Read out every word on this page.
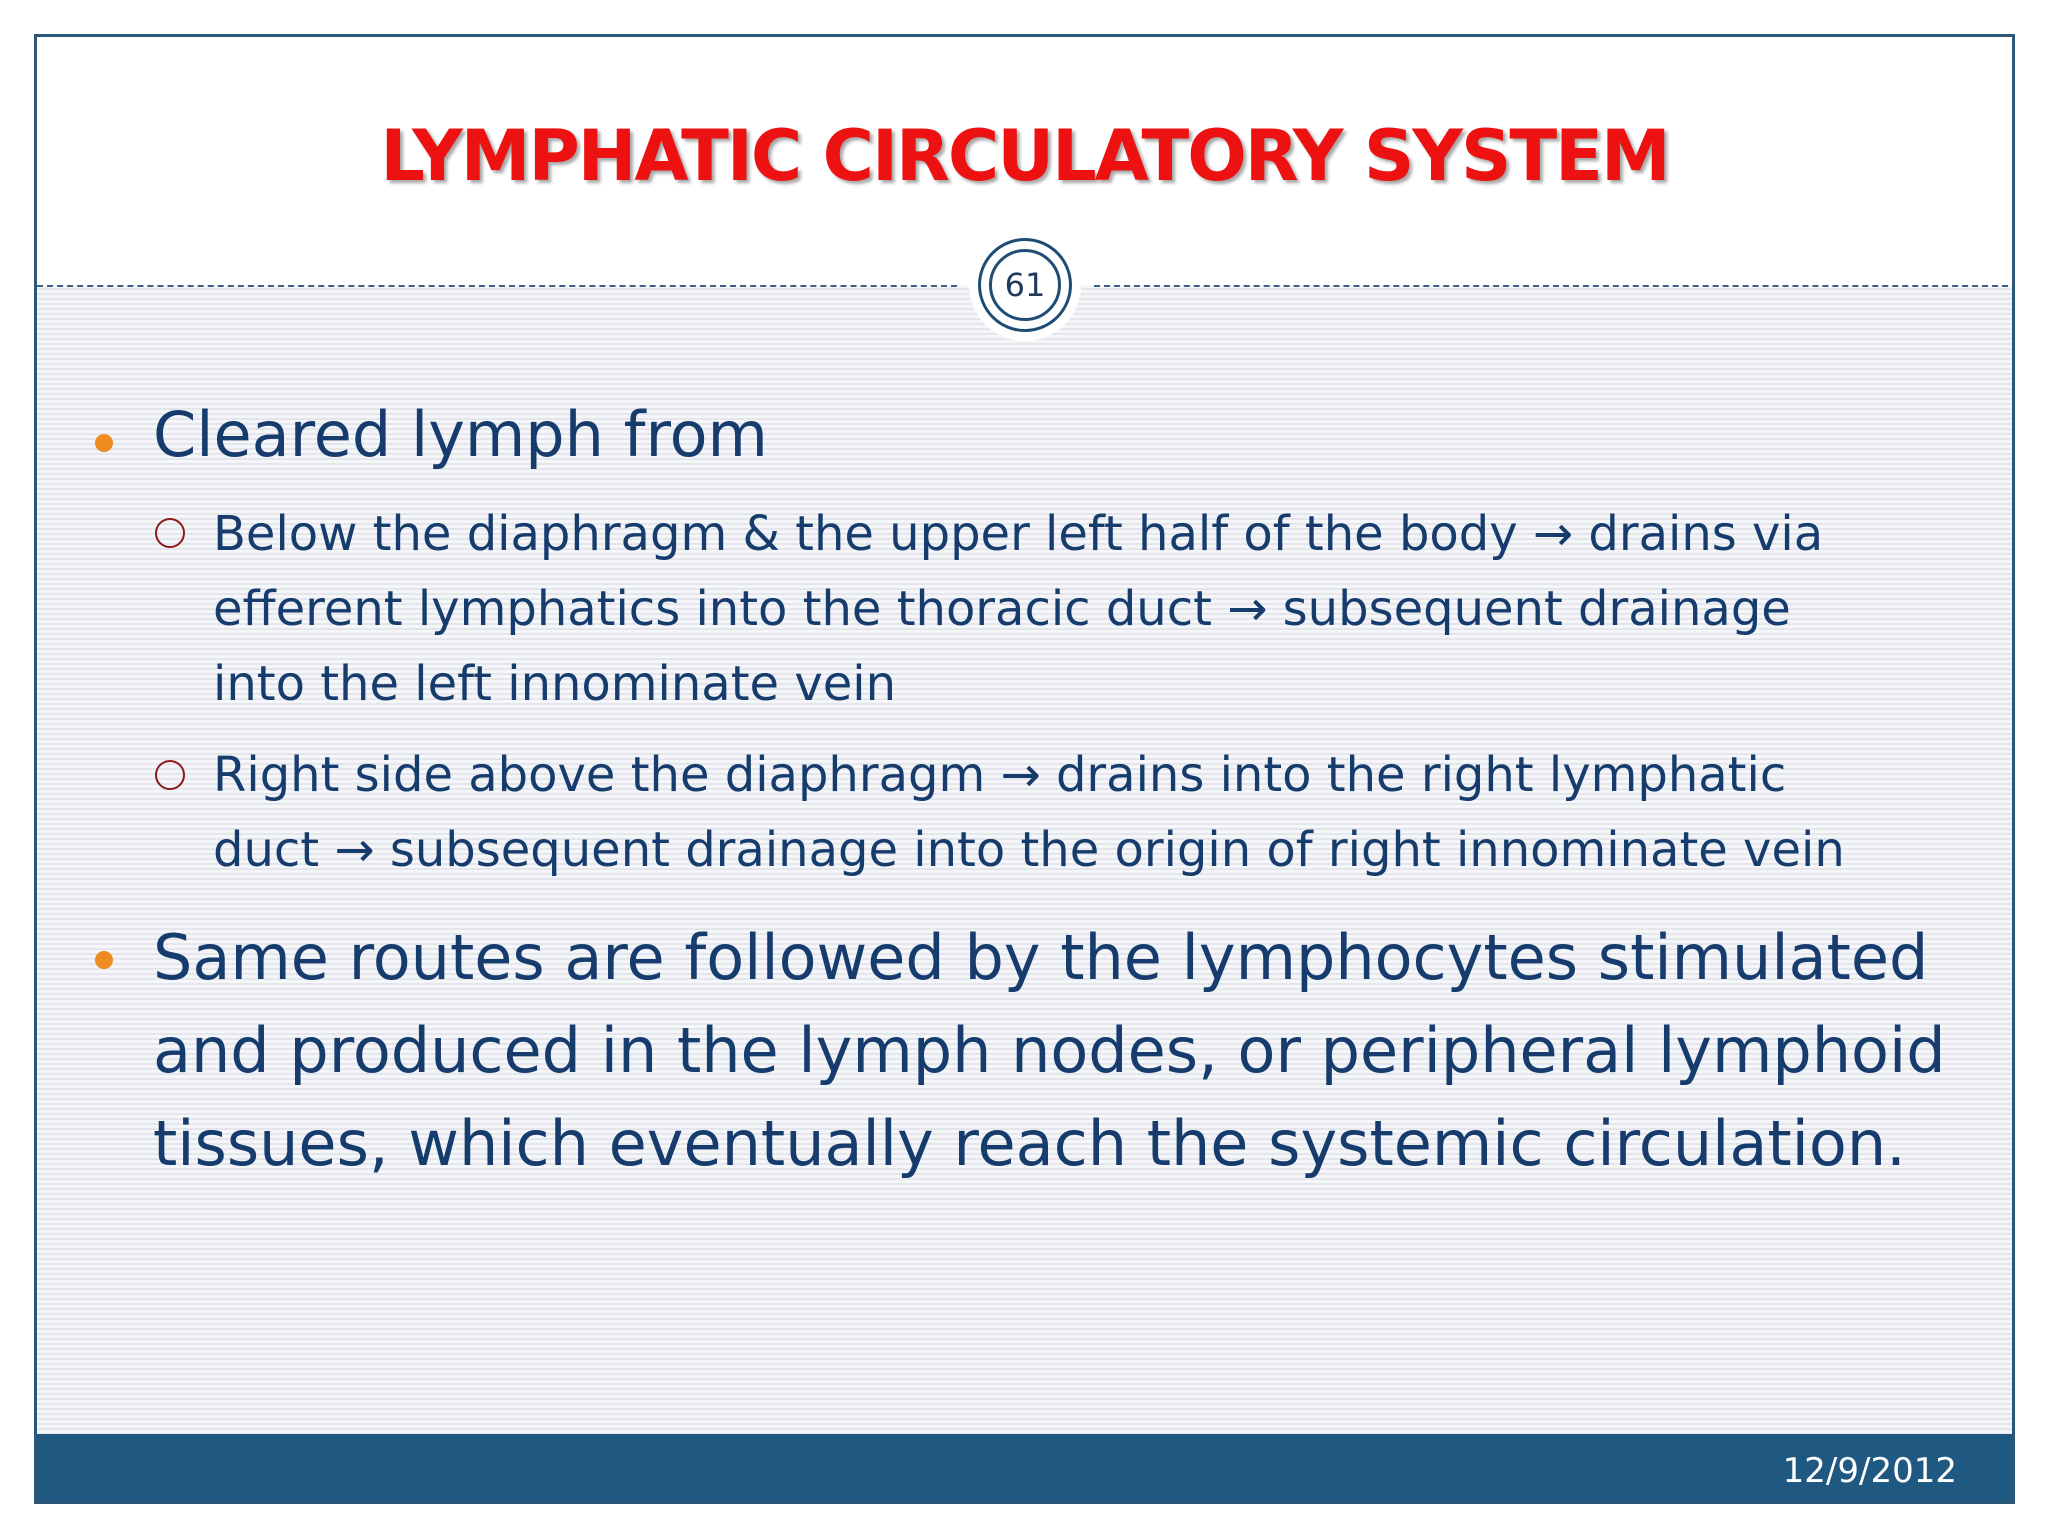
LYMPHATIC CIRCULATORY SYSTEM
Cleared lymph from
Below the diaphragm & the upper left half of the body → drains via
efferent lymphatics into the thoracic duct → subsequent drainage
into the left innominate vein
Right side above the diaphragm → drains into the right lymphatic
duct → subsequent drainage into the origin of right innominate vein
Same routes are followed by the lymphocytes stimulated
and produced in the lymph nodes, or peripheral lymphoid
tissues, which eventually reach the systemic circulation.
61
12/9/2012
